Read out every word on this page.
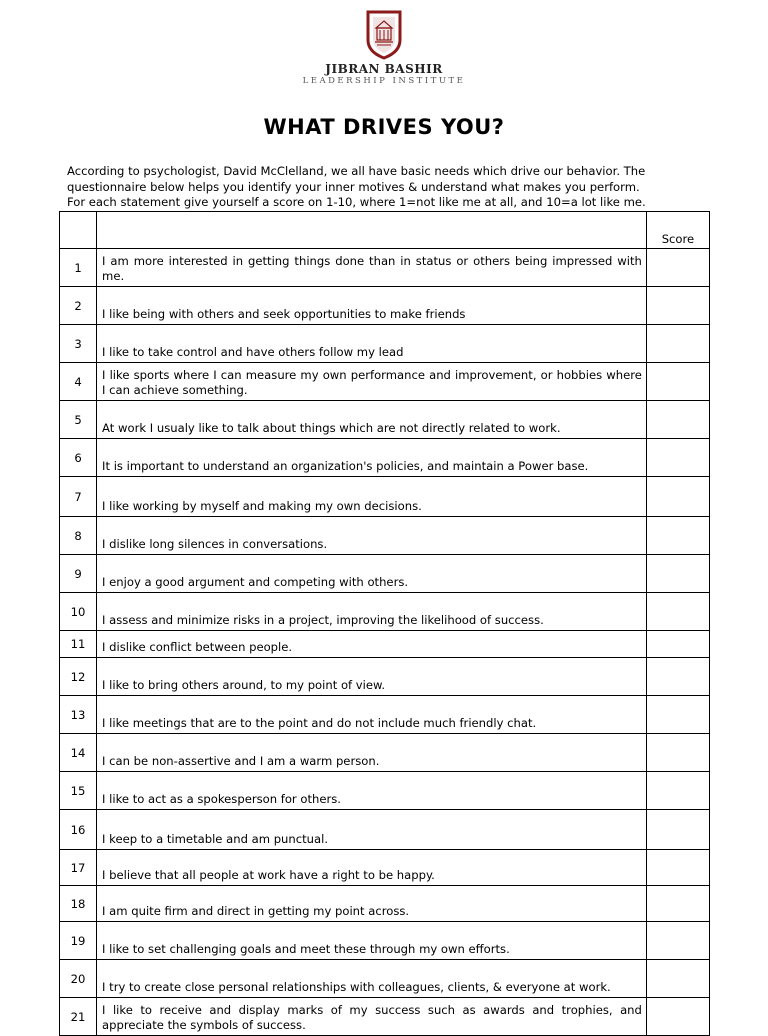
JIBRAN BASHIR
LEADERSHIP INSTITUTE
WHAT DRIVES YOU?

According to psychologist, David McClelland, we all have basic needs which drive our behavior. The
questionnaire below helps you identify your inner motives & understand what makes you perform.
For each statement give yourself a score on 1-10, where 1=not like me at all, and 10=a lot like me.

		Score
1	I am more interested in getting things done than in status or others being impressed with me.	
2	I like being with others and seek opportunities to make friends	
3	I like to take control and have others follow my lead	
4	I like sports where I can measure my own performance and improvement, or hobbies where I can achieve something.	
5	At work I usualy like to talk about things which are not directly related to work.	
6	It is important to understand an organization's policies, and maintain a Power base.	
7	I like working by myself and making my own decisions.	
8	I dislike long silences in conversations.	
9	I enjoy a good argument and competing with others.	
10	I assess and minimize risks in a project, improving the likelihood of success.	
11	I dislike conflict between people.	
12	I like to bring others around, to my point of view.	
13	I like meetings that are to the point and do not include much friendly chat.	
14	I can be non-assertive and I am a warm person.	
15	I like to act as a spokesperson for others.	
16	I keep to a timetable and am punctual.	
17	I believe that all people at work have a right to be happy.	
18	I am quite firm and direct in getting my point across.	
19	I like to set challenging goals and meet these through my own efforts.	
20	I try to create close personal relationships with colleagues, clients, & everyone at work.	
21	I like to receive and display marks of my success such as awards and trophies, and appreciate the symbols of success.	
